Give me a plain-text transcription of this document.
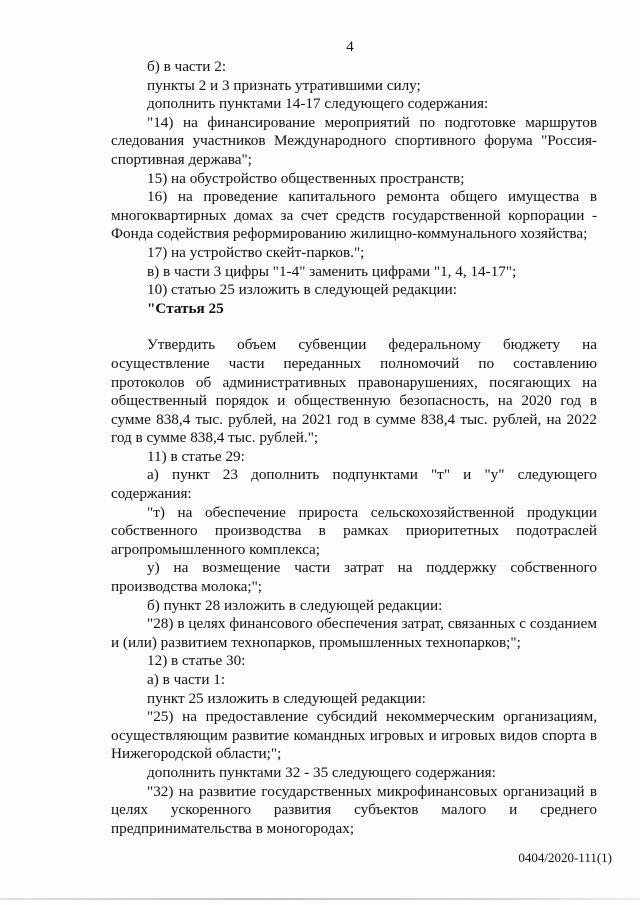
4

б) в части 2:

пункты 2 и 3 признать утратившими силу;

дополнить пунктами 14-17 следующего содержания:

"14) на финансирование мероприятий по подготовке маршрутов следования участников Международного спортивного форума "Россия-спортивная держава";

15) на обустройство общественных пространств;

16) на проведение капитального ремонта общего имущества в многоквартирных домах за счет средств государственной корпорации - Фонда содействия реформированию жилищно-коммунального хозяйства;

17) на устройство скейт-парков.";

в) в части 3 цифры "1-4" заменить цифрами "1, 4, 14-17";

10) статью 25 изложить в следующей редакции:

"Статья 25

Утвердить объем субвенции федеральному бюджету на осуществление части переданных полномочий по составлению протоколов об административных правонарушениях, посягающих на общественный порядок и общественную безопасность, на 2020 год в сумме 838,4 тыс. рублей, на 2021 год в сумме 838,4 тыс. рублей, на 2022 год в сумме 838,4 тыс. рублей.";

11) в статье 29:

а) пункт 23 дополнить подпунктами "т" и "у" следующего содержания:

"т) на обеспечение прироста сельскохозяйственной продукции собственного производства в рамках приоритетных подотраслей агропромышленного комплекса;

у) на возмещение части затрат на поддержку собственного производства молока;";

б) пункт 28 изложить в следующей редакции:

"28) в целях финансового обеспечения затрат, связанных с созданием и (или) развитием технопарков, промышленных технопарков;";

12) в статье 30:

а) в части 1:

пункт 25 изложить в следующей редакции:

"25) на предоставление субсидий некоммерческим организациям, осуществляющим развитие командных игровых и игровых видов спорта в Нижегородской области;";

дополнить пунктами 32 - 35 следующего содержания:

"32) на развитие государственных микрофинансовых организаций в целях ускоренного развития субъектов малого и среднего предпринимательства в моногородах;

0404/2020-111(1)
